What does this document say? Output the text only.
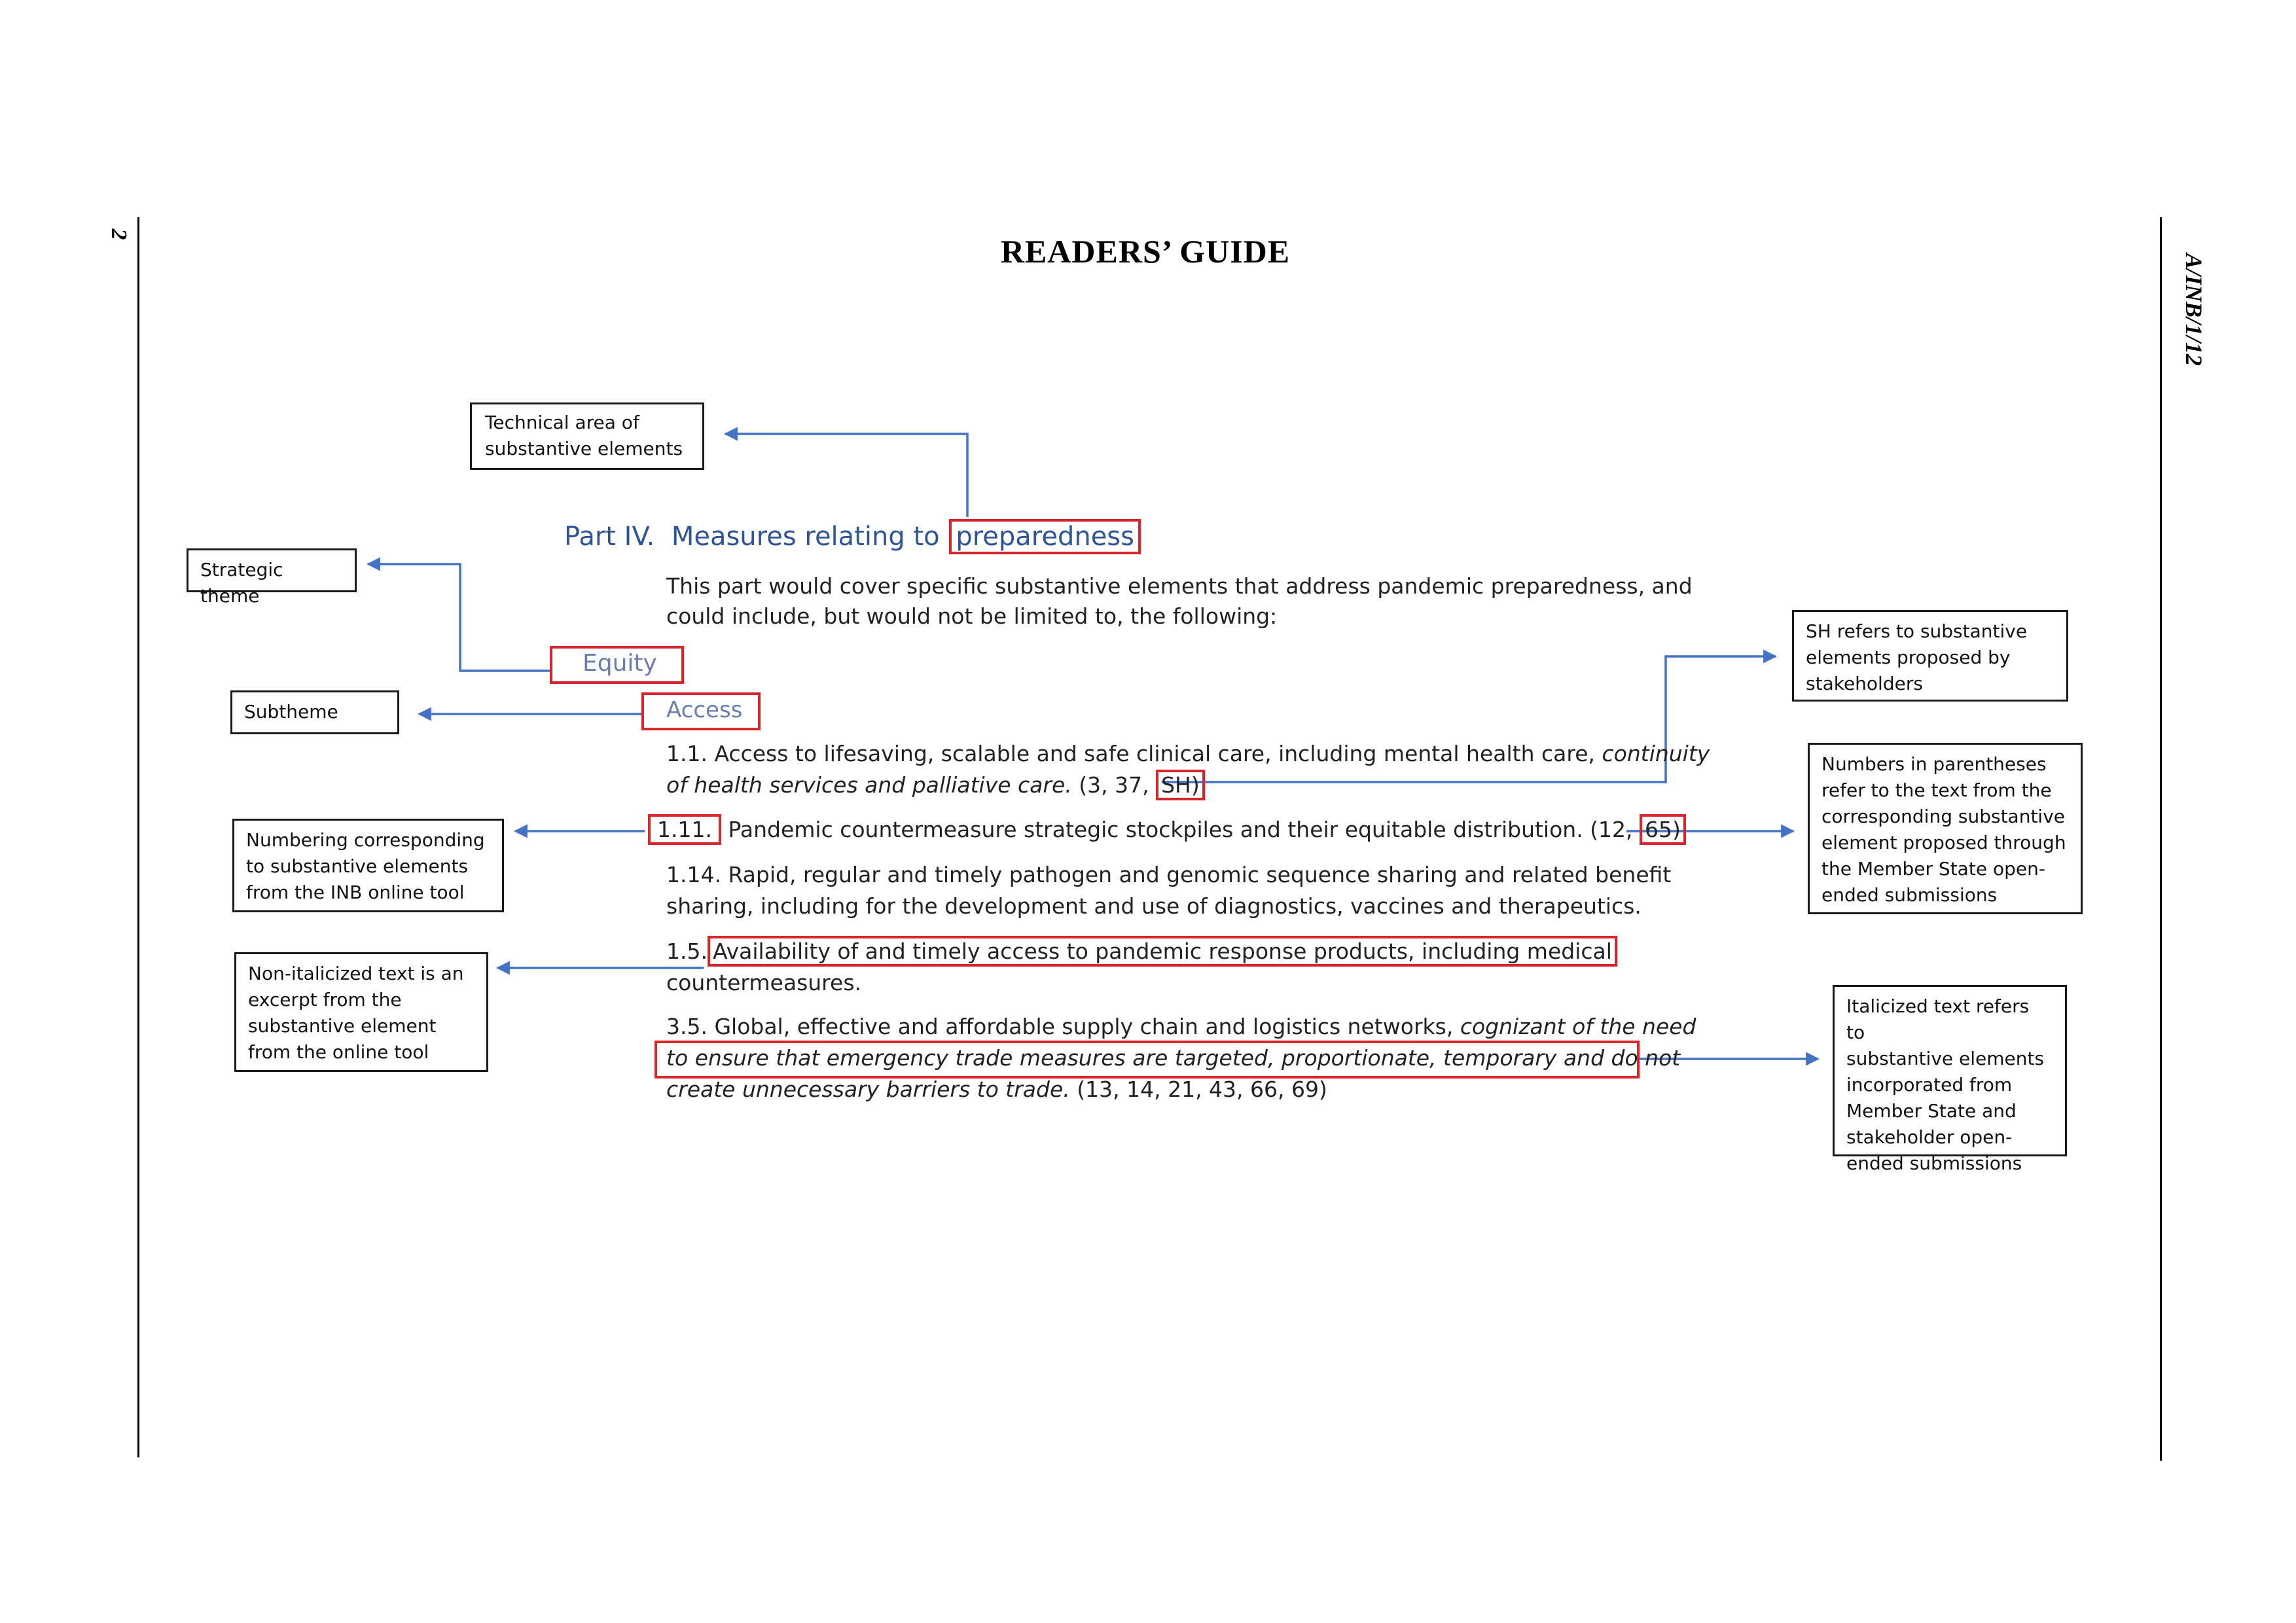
2
A/INB/1/12
READERS’ GUIDE
Technical area of
substantive elements
Strategic theme
Subtheme
Numbering corresponding
to substantive elements
from the INB online tool
Non-italicized text is an
excerpt from the
substantive element
from the online tool
SH refers to substantive
elements proposed by
stakeholders
Numbers in parentheses
refer to the text from the
corresponding substantive
element proposed through
the Member State open-
ended submissions
Italicized text refers to
substantive elements
incorporated from
Member State and
stakeholder open-
ended submissions
Part IV.  Measures relating to preparedness
This part would cover specific substantive elements that address pandemic preparedness, and
could include, but would not be limited to, the following:
Equity
Access
1.1. Access to lifesaving, scalable and safe clinical care, including mental health care, continuity
of health services and palliative care. (3, 37, SH)
1.11. Pandemic countermeasure strategic stockpiles and their equitable distribution. (12, 65)
1.14. Rapid, regular and timely pathogen and genomic sequence sharing and related benefit
sharing, including for the development and use of diagnostics, vaccines and therapeutics.
1.5. Availability of and timely access to pandemic response products, including medical
countermeasures.
3.5. Global, effective and affordable supply chain and logistics networks, cognizant of the need
to ensure that emergency trade measures are targeted, proportionate, temporary and do not
create unnecessary barriers to trade. (13, 14, 21, 43, 66, 69)
